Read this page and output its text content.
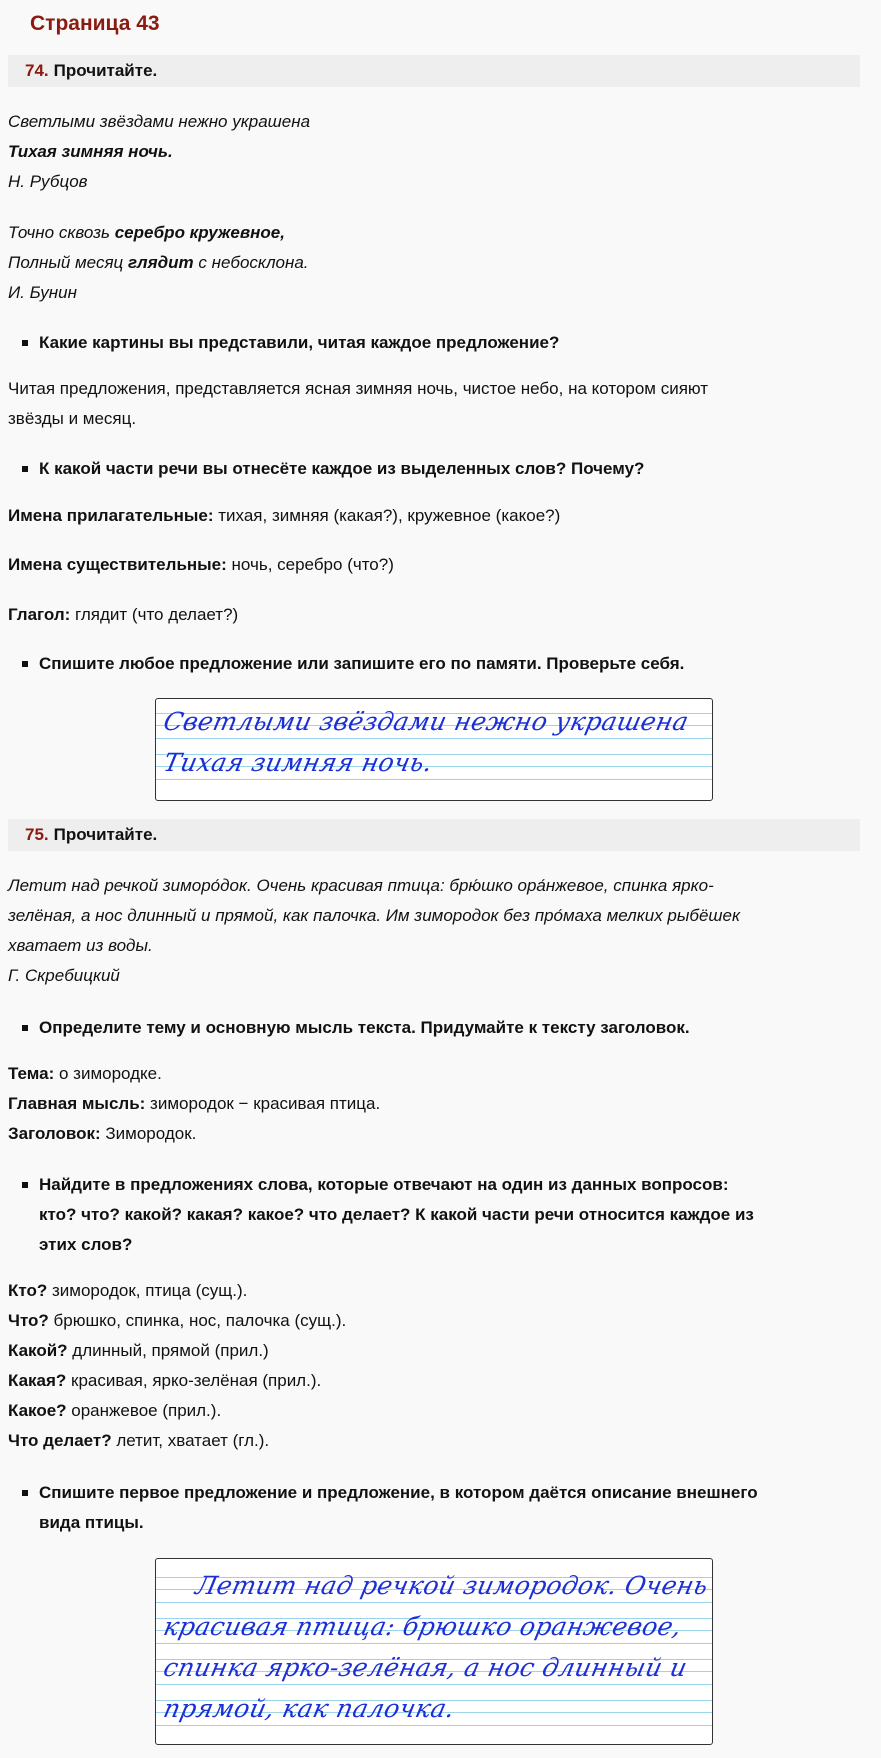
Страница 43
74. Прочитайте.
Светлыми звёздами нежно украшена
Тихая зимняя ночь.
Н. Рубцов
Точно сквозь серебро кружевное,
Полный месяц глядит с небосклона.
И. Бунин
Какие картины вы представили, читая каждое предложение?
Читая предложения, представляется ясная зимняя ночь, чистое небо, на котором сияют
звёзды и месяц.
К какой части речи вы отнесёте каждое из выделенных слов? Почему?
Имена прилагательные: тихая, зимняя (какая?), кружевное (какое?)
Имена существительные: ночь, серебро (что?)
Глагол: глядит (что делает?)
Спишите любое предложение или запишите его по памяти. Проверьте себя.
Светлыми звёздами нежно украшена
Тихая зимняя ночь.
75. Прочитайте.
Летит над речкой зиморо́док. Очень красивая птица: брю́шко ора́нжевое, спинка ярко-
зелёная, а нос длинный и прямой, как палочка. Им зимородок без про́маха мелких рыбёшек
хватает из воды.
Г. Скребицкий
Определите тему и основную мысль текста. Придумайте к тексту заголовок.
Тема: о зимородке.
Главная мысль: зимородок − красивая птица.
Заголовок: Зимородок.
Найдите в предложениях слова, которые отвечают на один из данных вопросов:
кто? что? какой? какая? какое? что делает? К какой части речи относится каждое из
этих слов?
Кто? зимородок, птица (сущ.).
Что? брюшко, спинка, нос, палочка (сущ.).
Какой? длинный, прямой (прил.)
Какая? красивая, ярко-зелёная (прил.).
Какое? оранжевое (прил.).
Что делает? летит, хватает (гл.).
Спишите первое предложение и предложение, в котором даётся описание внешнего
вида птицы.
Летит над речкой зимородок. Очень
красивая птица: брюшко оранжевое,
спинка ярко-зелёная, а нос длинный и
прямой, как палочка.
